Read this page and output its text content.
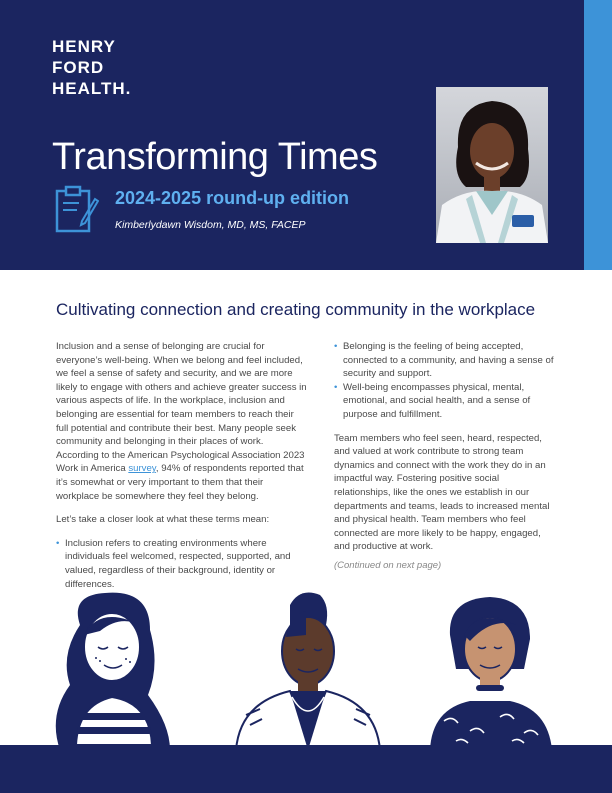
HENRY
FORD
HEALTH.
Transforming Times
2024-2025 round-up edition
Kimberlydawn Wisdom, MD, MS, FACEP
Cultivating connection and creating community in the workplace

Inclusion and a sense of belonging are crucial for everyone’s well-being. When we belong and feel included, we feel a sense of safety and security, and we are more likely to engage with others and achieve greater success in various aspects of life. In the workplace, inclusion and belonging are essential for team members to reach their full potential and contribute their best. Many people seek community and belonging in their places of work. According to the American Psychological Association 2023 Work in America survey, 94% of respondents reported that it’s somewhat or very important to them that their workplace be somewhere they feel they belong.

Let’s take a closer look at what these terms mean:

• Inclusion refers to creating environments where individuals feel welcomed, respected, supported, and valued, regardless of their background, identity or differences.
• Belonging is the feeling of being accepted, connected to a community, and having a sense of security and support.
• Well-being encompasses physical, mental, emotional, and social health, and a sense of purpose and fulfillment.

Team members who feel seen, heard, respected, and valued at work contribute to strong team dynamics and connect with the work they do in an impactful way. Fostering positive social relationships, like the ones we establish in our departments and teams, leads to increased mental and physical health. Team members who feel connected are more likely to be happy, engaged, and productive at work.

(Continued on next page)
